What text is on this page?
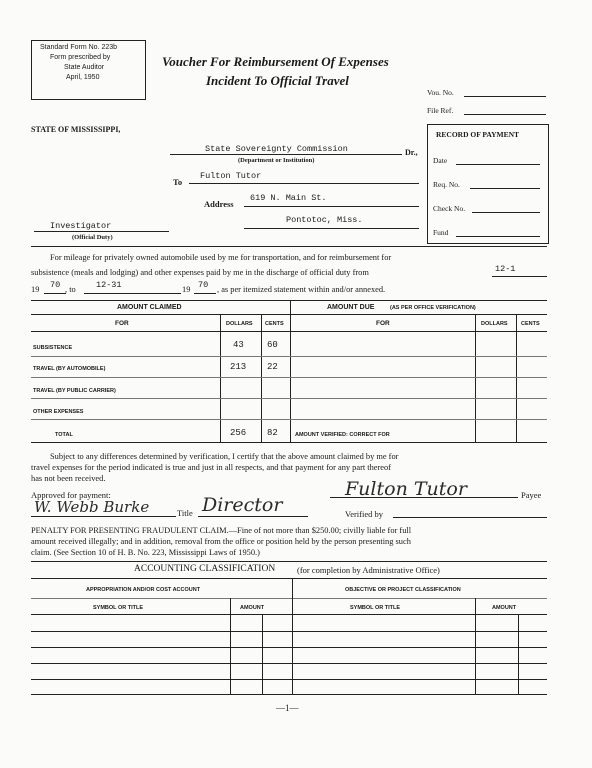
Standard Form No. 223b
Form prescribed by
State Auditor
April, 1950
Voucher For Reimbursement Of Expenses
Incident To Official Travel
Vou. No.
File Ref.
STATE OF MISSISSIPPI,
State Sovereignty Commission	Dr.,
(Department or Institution)
To
Fulton Tutor
Address
619 N. Main St.
Pontotoc, Miss.
Investigator
(Official Duty)
RECORD OF PAYMENT
Date
Req. No.
Check No.
Fund
For mileage for privately owned automobile used by me for transportation, and for reimbursement for
subsistence (meals and lodging) and other expenses paid by me in the discharge of official duty from	12-1
19 70 , to 12-31	19 70 , as per itemized statement within and/or annexed.
AMOUNT CLAIMED	AMOUNT DUE	(AS PER OFFICE VERIFICATION)
FOR	DOLLARS CENTS	FOR	DOLLARS CENTS
SUBSISTENCE	43	60
TRAVEL (BY AUTOMOBILE)	213 22
TRAVEL (BY PUBLIC CARRIER)
OTHER EXPENSES
TOTAL	256 82	AMOUNT VERIFIED: CORRECT FOR
Subject to any differences determined by verification, I certify that the above amount claimed by me for
travel expenses for the period indicated is true and just in all respects, and that payment for any part thereof
has not been received.
Approved for payment:
W. Webb Burke	Title Director
Fulton Tutor	Payee
Verified by
PENALTY FOR PRESENTING FRAUDULENT CLAIM.—Fine of not more than $250.00; civilly liable for full
amount received illegally; and in addition, removal from the office or position held by the person presenting such
claim. (See Section 10 of H. B. No. 223, Mississippi Laws of 1950.)
ACCOUNTING CLASSIFICATION	(for completion by Administrative Office)
APPROPRIATION AND/OR COST ACCOUNT	OBJECTIVE OR PROJECT CLASSIFICATION
SYMBOL OR TITLE	AMOUNT	SYMBOL OR TITLE	AMOUNT
—1—
